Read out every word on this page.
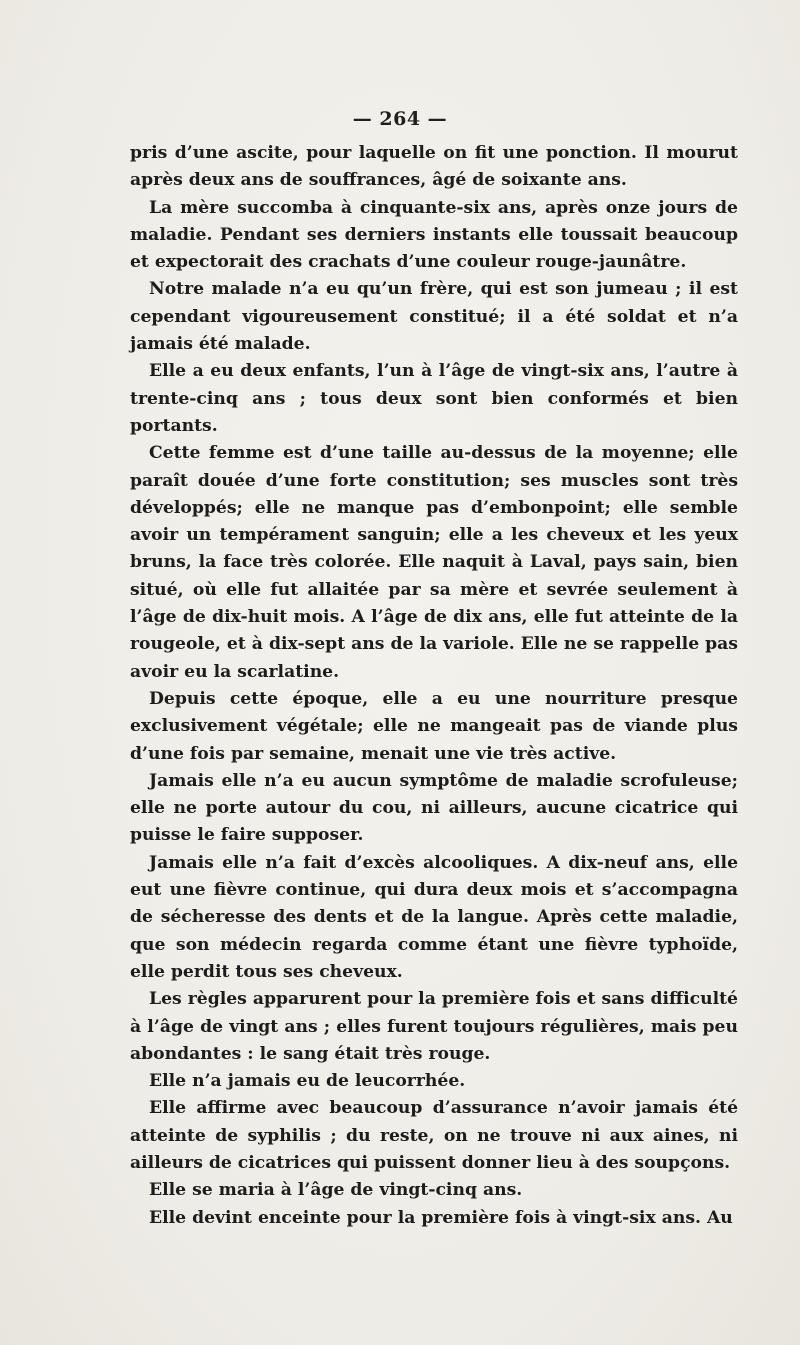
— 264 —

pris d’une ascite, pour laquelle on fit une ponction. Il mourut après deux ans de souffrances, âgé de soixante ans.

La mère succomba à cinquante-six ans, après onze jours de maladie. Pendant ses derniers instants elle toussait beaucoup et expectorait des crachats d’une couleur rouge-jaunâtre.

Notre malade n’a eu qu’un frère, qui est son jumeau ; il est cependant vigoureusement constitué; il a été soldat et n’a jamais été malade.

Elle a eu deux enfants, l’un à l’âge de vingt-six ans, l’autre à trente-cinq ans ; tous deux sont bien conformés et bien portants.

Cette femme est d’une taille au-dessus de la moyenne; elle paraît douée d’une forte constitution; ses muscles sont très développés; elle ne manque pas d’embonpoint; elle semble avoir un tempérament sanguin; elle a les cheveux et les yeux bruns, la face très colorée. Elle naquit à Laval, pays sain, bien situé, où elle fut allaitée par sa mère et sevrée seulement à l’âge de dix-huit mois. A l’âge de dix ans, elle fut atteinte de la rougeole, et à dix-sept ans de la variole. Elle ne se rappelle pas avoir eu la scarlatine.

Depuis cette époque, elle a eu une nourriture presque exclusivement végétale; elle ne mangeait pas de viande plus d’une fois par semaine, menait une vie très active.

Jamais elle n’a eu aucun symptôme de maladie scrofuleuse; elle ne porte autour du cou, ni ailleurs, aucune cicatrice qui puisse le faire supposer.

Jamais elle n’a fait d’excès alcooliques. A dix-neuf ans, elle eut une fièvre continue, qui dura deux mois et s’accompagna de sécheresse des dents et de la langue. Après cette maladie, que son médecin regarda comme étant une fièvre typhoïde, elle perdit tous ses cheveux.

Les règles apparurent pour la première fois et sans difficulté à l’âge de vingt ans ; elles furent toujours régulières, mais peu abondantes : le sang était très rouge.

Elle n’a jamais eu de leucorrhée.

Elle affirme avec beaucoup d’assurance n’avoir jamais été atteinte de syphilis ; du reste, on ne trouve ni aux aines, ni ailleurs de cicatrices qui puissent donner lieu à des soupçons.

Elle se maria à l’âge de vingt-cinq ans.

Elle devint enceinte pour la première fois à vingt-six ans. Au
